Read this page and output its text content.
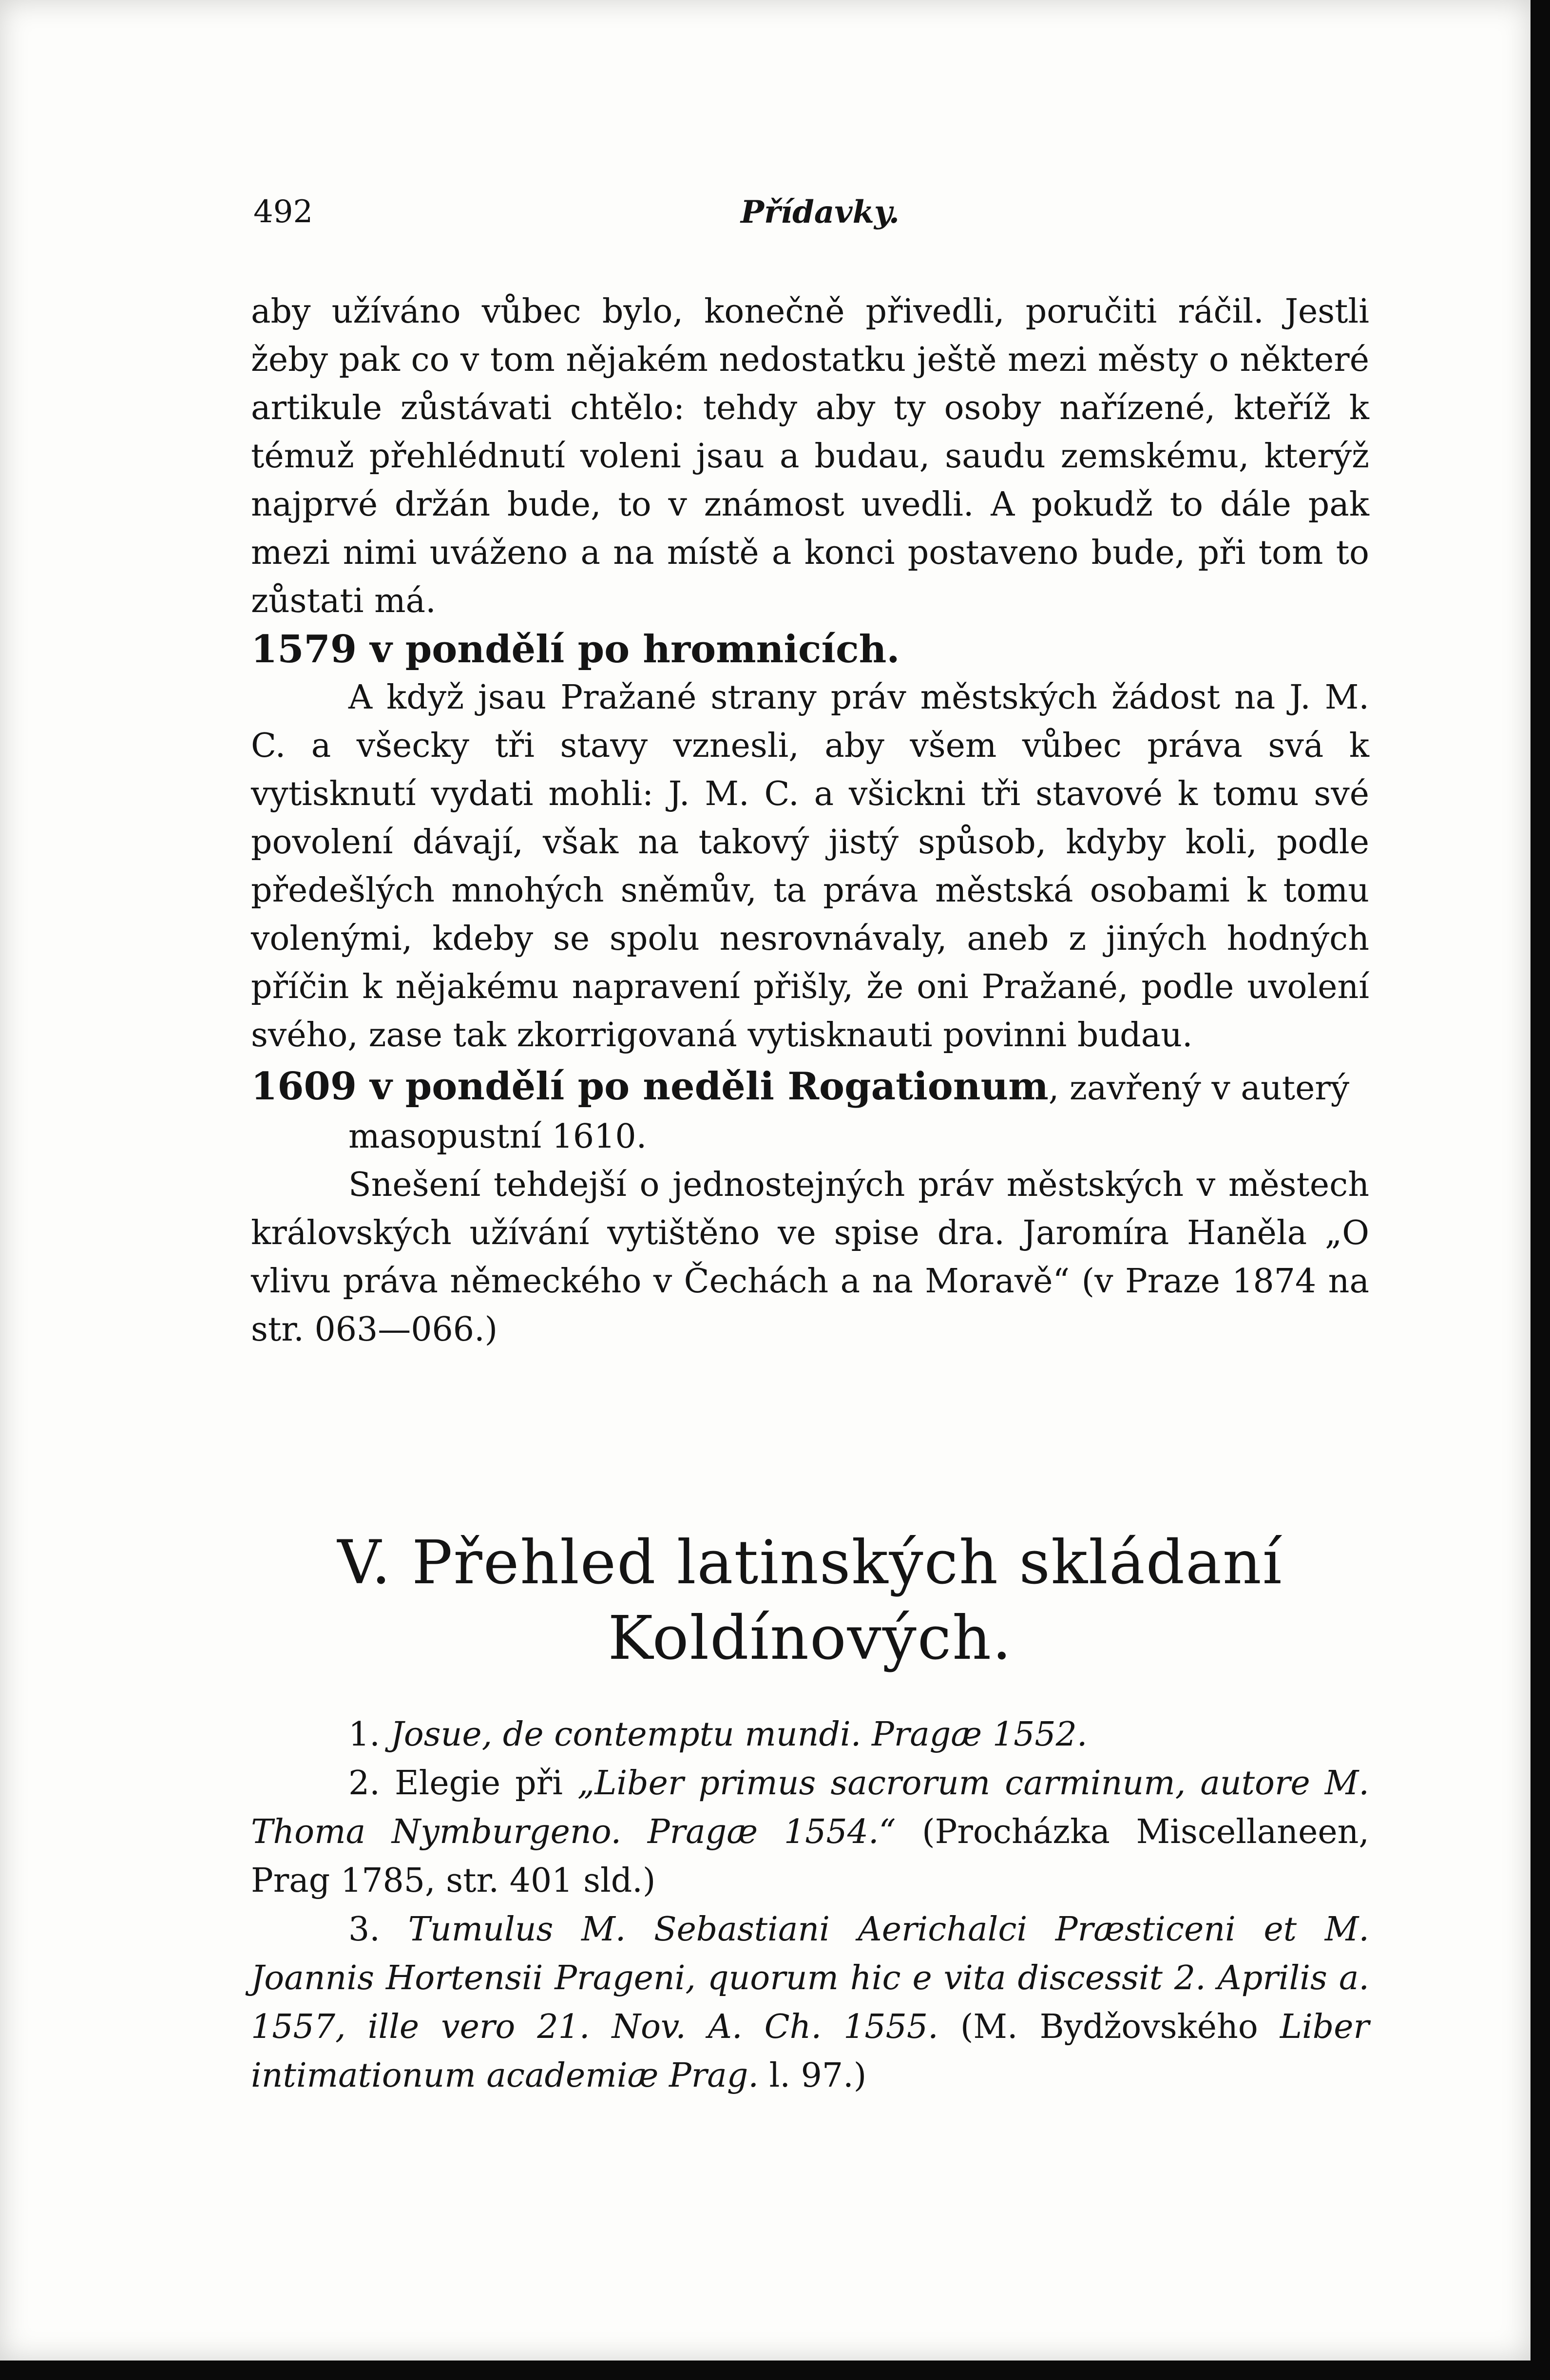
492	Přídavky.

aby užíváno vůbec bylo, konečně přivedli, poručiti ráčil. Jestli žeby pak co v tom nějakém nedostatku ještě mezi městy o některé artikule zůstávati chtělo: tehdy aby ty osoby nařízené, kteříž k témuž přehlédnutí voleni jsau a budau, saudu zemskému, kterýž najprvé držán bude, to v známost uvedli. A pokudž to dále pak mezi nimi uváženo a na místě a konci postaveno bude, při tom to zůstati má.

1579 v pondělí po hromnicích.

A když jsau Pražané strany práv městských žádost na J. M. C. a všecky tři stavy vznesli, aby všem vůbec práva svá k vytisknutí vydati mohli: J. M. C. a všickni tři stavové k tomu své povolení dávají, však na takový jistý spůsob, kdyby koli, podle předešlých mnohých sněmův, ta práva městská osobami k tomu volenými, kdeby se spolu nesrovnávaly, aneb z jiných hodných příčin k nějakému napravení přišly, že oni Pražané, podle uvolení svého, zase tak zkorrigovaná vytisknauti povinni budau.

1609 v pondělí po neděli Rogationum, zavřený v auterý masopustní 1610.

Snešení tehdejší o jednostejných práv městských v městech královských užívání vytištěno ve spise dra. Jaromíra Haněla „O vlivu práva německého v Čechách a na Moravě“ (v Praze 1874 na str. 063—066.)

V. Přehled latinských skládaní Koldínových.

1. Josue, de contemptu mundi. Pragæ 1552.

2. Elegie při „Liber primus sacrorum carminum, autore M. Thoma Nymburgeno. Pragæ 1554.“ (Procházka Miscellaneen, Prag 1785, str. 401 sld.)

3. Tumulus M. Sebastiani Aerichalci Præsticeni et M. Joannis Hortensii Prageni, quorum hic e vita discessit 2. Aprilis a. 1557, ille vero 21. Nov. A. Ch. 1555. (M. Bydžovského Liber intimationum academiæ Prag. l. 97.)
